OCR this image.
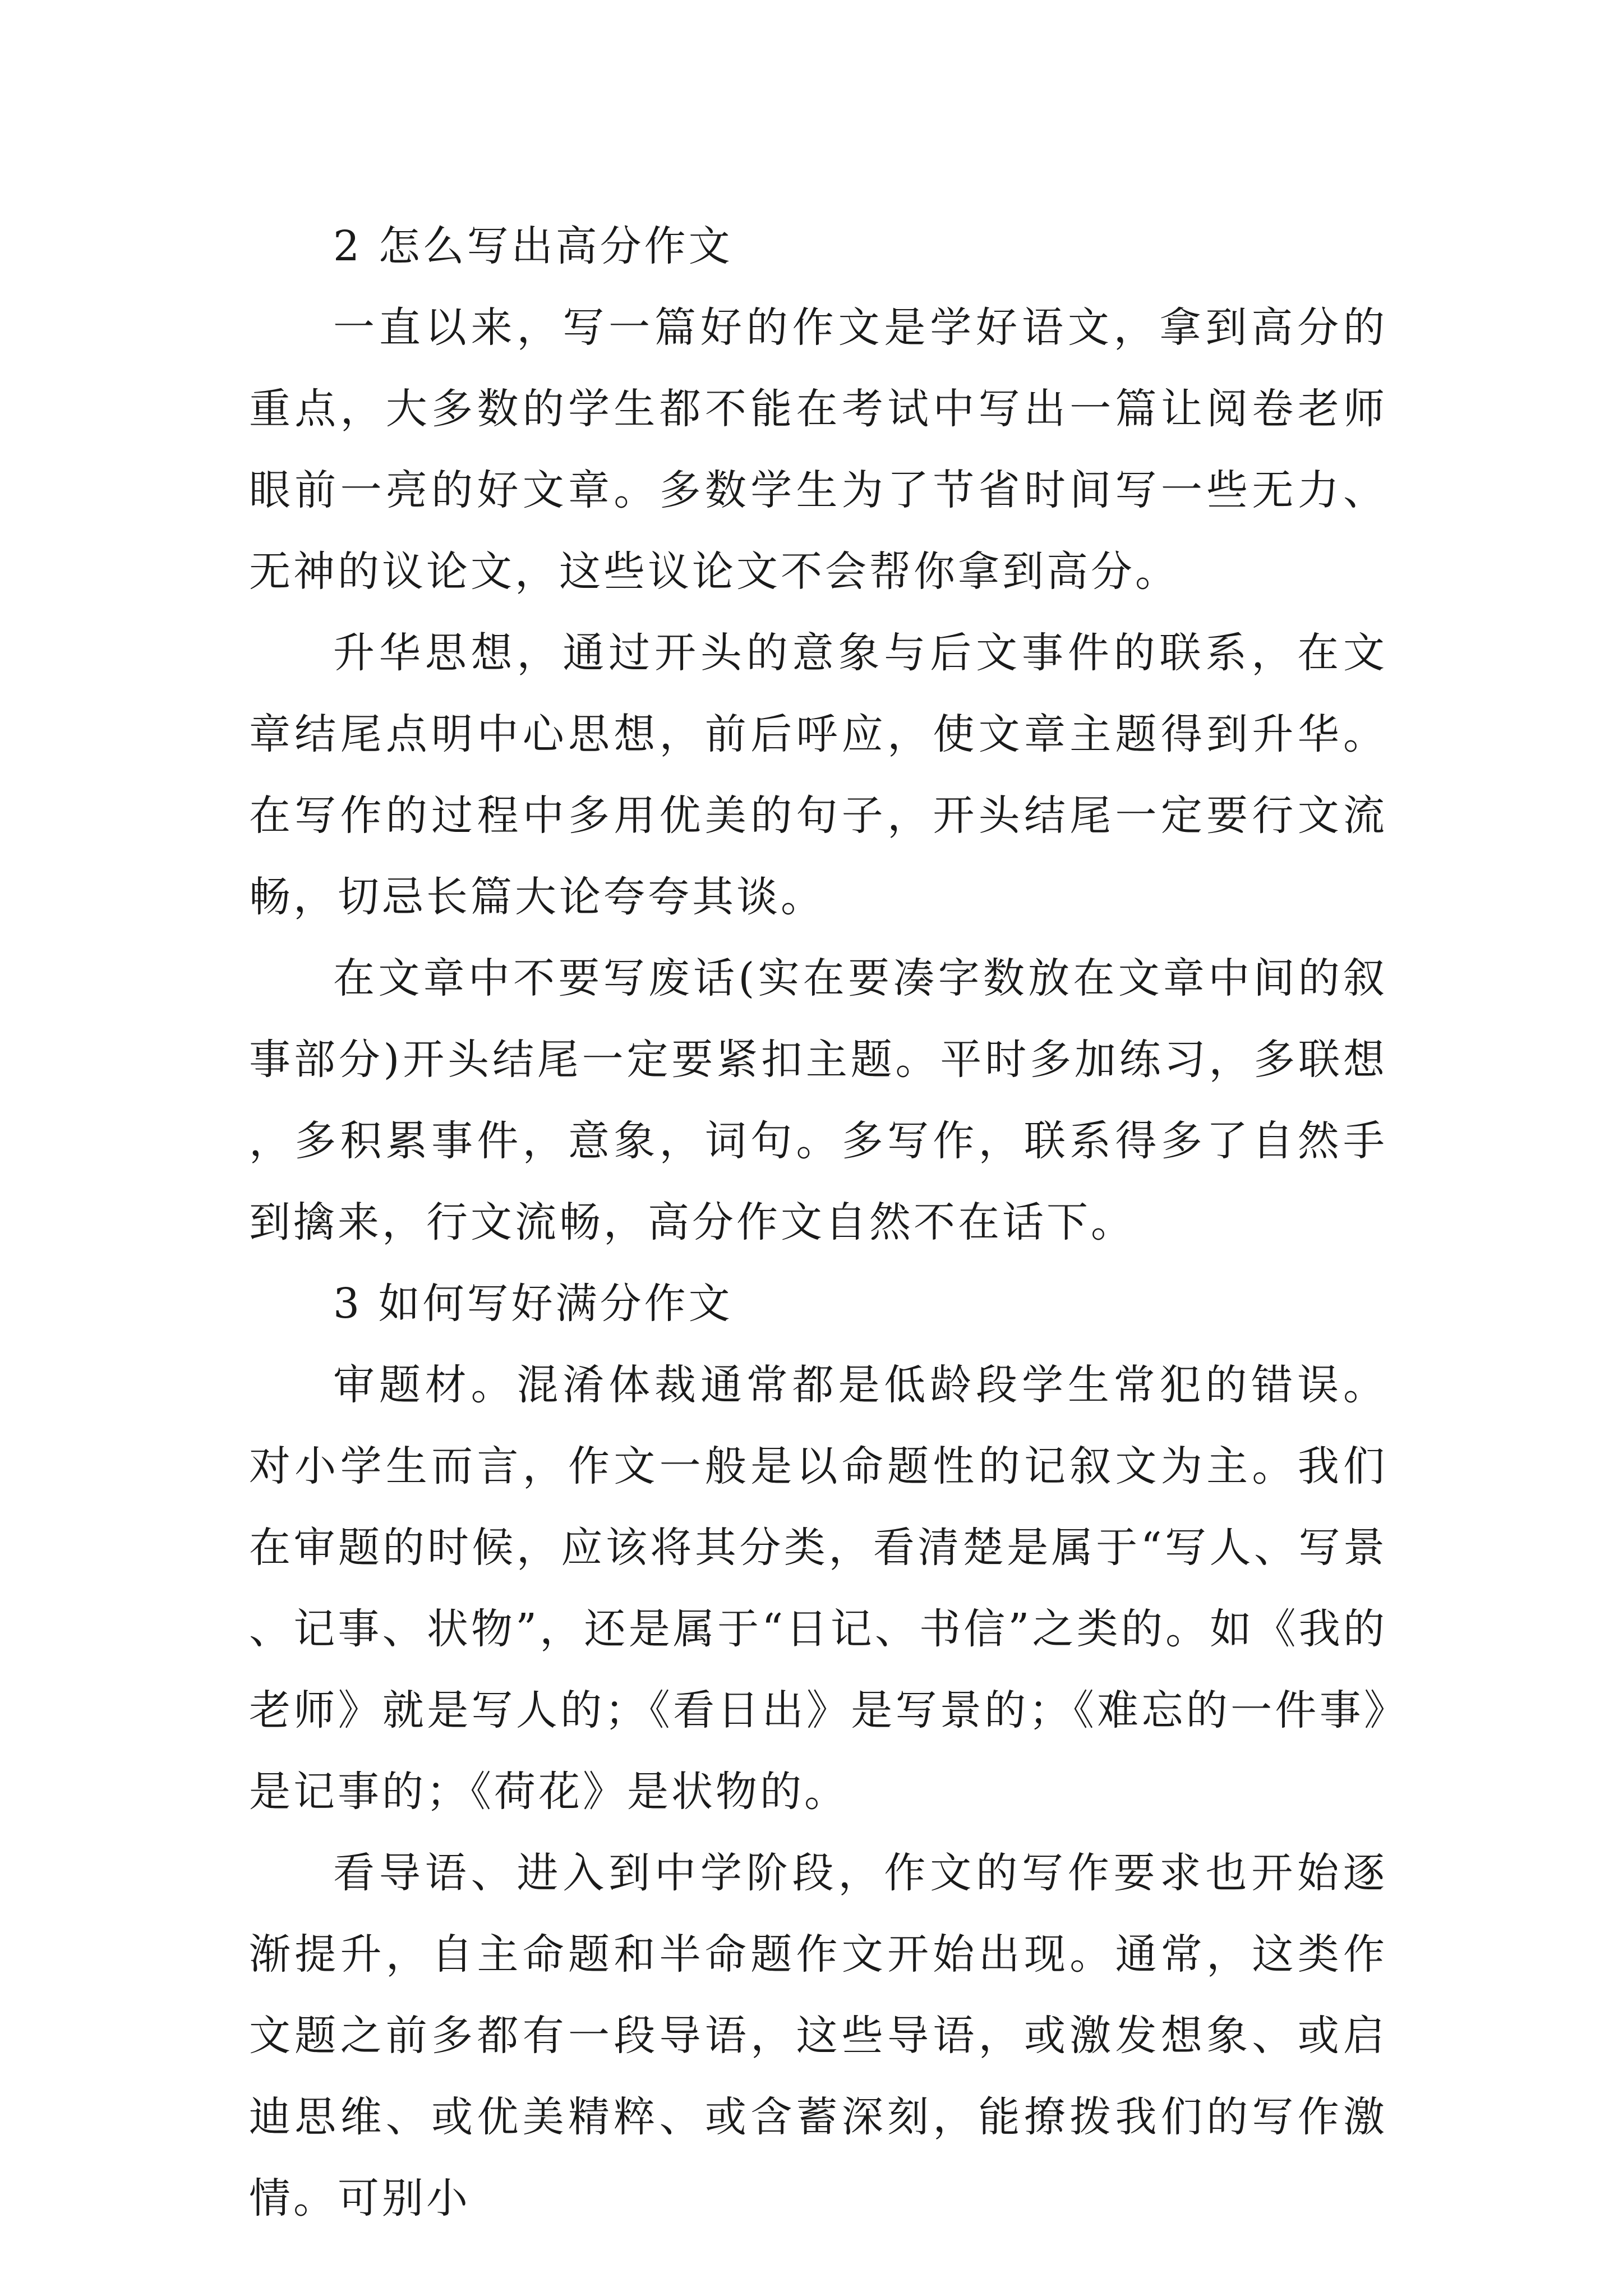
2 怎么写出高分作文

一直以来，写一篇好的作文是学好语文，拿到高分的重点，大多数的学生都不能在考试中写出一篇让阅卷老师眼前一亮的好文章。多数学生为了节省时间写一些无力、无神的议论文，这些议论文不会帮你拿到高分。

升华思想，通过开头的意象与后文事件的联系，在文章结尾点明中心思想，前后呼应，使文章主题得到升华。在写作的过程中多用优美的句子，开头结尾一定要行文流畅，切忌长篇大论夸夸其谈。

在文章中不要写废话(实在要凑字数放在文章中间的叙事部分)开头结尾一定要紧扣主题。平时多加练习，多联想，多积累事件，意象，词句。多写作，联系得多了自然手到擒来，行文流畅，高分作文自然不在话下。

3 如何写好满分作文

审题材。混淆体裁通常都是低龄段学生常犯的错误。对小学生而言，作文一般是以命题性的记叙文为主。我们在审题的时候，应该将其分类，看清楚是属于“写人、写景、记事、状物”，还是属于“日记、书信”之类的。如《我的老师》就是写人的；《看日出》是写景的；《难忘的一件事》是记事的；《荷花》是状物的。

看导语、进入到中学阶段，作文的写作要求也开始逐渐提升，自主命题和半命题作文开始出现。通常，这类作文题之前多都有一段导语，这些导语，或激发想象、或启迪思维、或优美精粹、或含蓄深刻，能撩拨我们的写作激情。可别小
